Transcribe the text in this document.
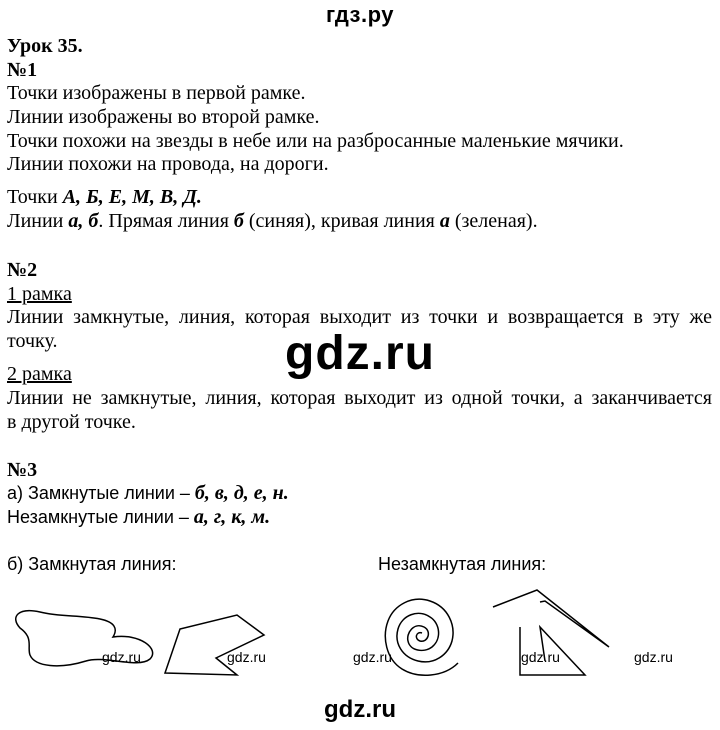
гдз.ру
Урок 35.
№1
Точки изображены в первой рамке.
Линии изображены во второй рамке.
Точки похожи на звезды в небе или на разбросанные маленькие мячики.
Линии похожи на провода, на дороги.
Точки А, Б, Е, М, В, Д.
Линии а, б. Прямая линия б (синяя), кривая линия а (зеленая).
№2
1 рамка
Линии замкнутые, линия, которая выходит из точки и возвращается в эту же
точку.
2 рамка
Линии не замкнутые, линия, которая выходит из одной точки, а заканчивается
в другой точке.
gdz.ru
№3
а) Замкнутые линии – б, в, д, е, н.
Незамкнутые линии – а, г, к, м.
б) Замкнутая линия:	Незамкнутая линия:
gdz.ru	gdz.ru	gdz.ru	gdz.ru	gdz.ru
gdz.ru
